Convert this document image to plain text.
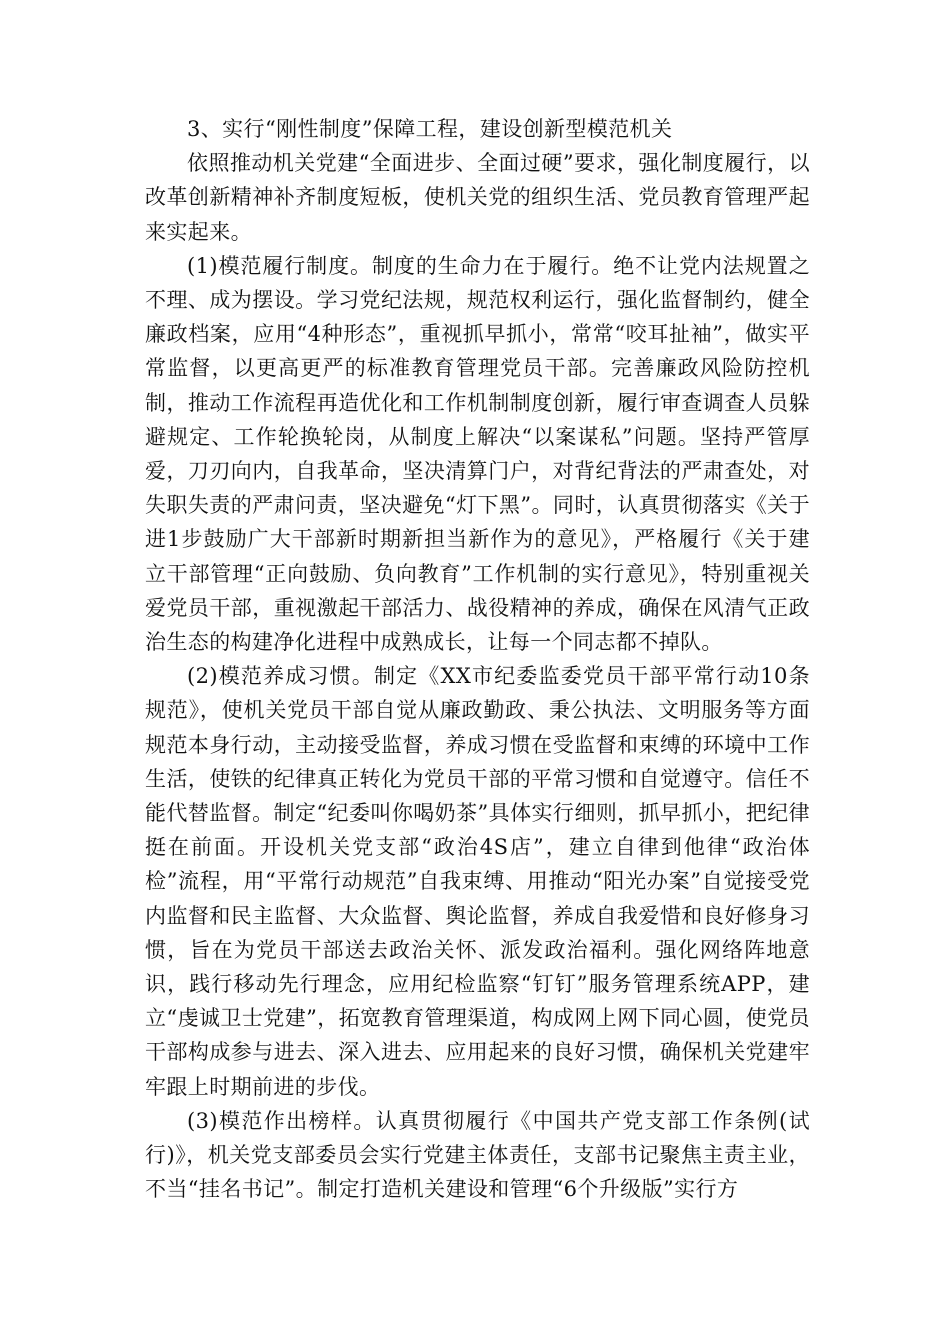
3、实行“刚性制度”保障工程，建设创新型模范机关

依照推动机关党建“全面进步、全面过硬”要求，强化制度履行，以改革创新精神补齐制度短板，使机关党的组织生活、党员教育管理严起来实起来。

(1)模范履行制度。制度的生命力在于履行。绝不让党内法规置之不理、成为摆设。学习党纪法规，规范权利运行，强化监督制约，健全廉政档案，应用“4种形态”，重视抓早抓小，常常“咬耳扯袖”，做实平常监督，以更高更严的标准教育管理党员干部。完善廉政风险防控机制，推动工作流程再造优化和工作机制制度创新，履行审查调查人员躲避规定、工作轮换轮岗，从制度上解决“以案谋私”问题。坚持严管厚爱，刀刃向内，自我革命，坚决清算门户，对背纪背法的严肃查处，对失职失责的严肃问责，坚决避免“灯下黑”。同时，认真贯彻落实《关于进1步鼓励广大干部新时期新担当新作为的意见》，严格履行《关于建立干部管理“正向鼓励、负向教育”工作机制的实行意见》，特别重视关爱党员干部，重视激起干部活力、战役精神的养成，确保在风清气正政治生态的构建净化进程中成熟成长，让每一个同志都不掉队。

(2)模范养成习惯。制定《XX市纪委监委党员干部平常行动10条规范》，使机关党员干部自觉从廉政勤政、秉公执法、文明服务等方面规范本身行动，主动接受监督，养成习惯在受监督和束缚的环境中工作生活，使铁的纪律真正转化为党员干部的平常习惯和自觉遵守。信任不能代替监督。制定“纪委叫你喝奶茶”具体实行细则，抓早抓小，把纪律挺在前面。开设机关党支部“政治4S店”，建立自律到他律“政治体检”流程，用“平常行动规范”自我束缚、用推动“阳光办案”自觉接受党内监督和民主监督、大众监督、舆论监督，养成自我爱惜和良好修身习惯，旨在为党员干部送去政治关怀、派发政治福利。强化网络阵地意识，践行移动先行理念，应用纪检监察“钉钉”服务管理系统APP，建立“虔诚卫士党建”，拓宽教育管理渠道，构成网上网下同心圆，使党员干部构成参与进去、深入进去、应用起来的良好习惯，确保机关党建牢牢跟上时期前进的步伐。

(3)模范作出榜样。认真贯彻履行《中国共产党支部工作条例(试行)》，机关党支部委员会实行党建主体责任，支部书记聚焦主责主业，不当“挂名书记”。制定打造机关建设和管理“6个升级版”实行方
